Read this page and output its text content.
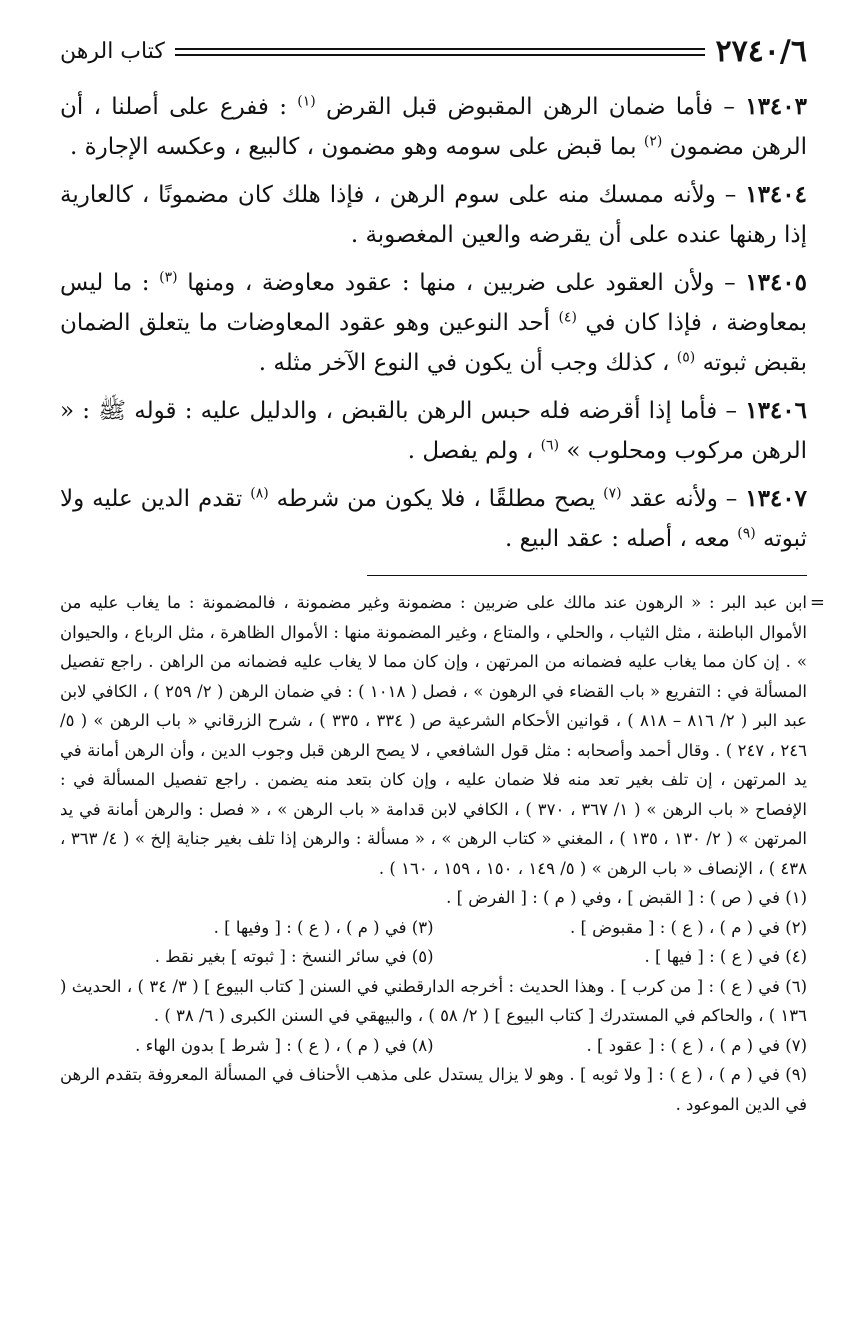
٢٧٤٠/٦
كتاب الرهن

١٣٤٠٣ – فأما ضمان الرهن المقبوض قبل القرض $^{(١)}$ : ففرع على أصلنا ، أن الرهن مضمون $^{(٢)}$ بما قبض على سومه وهو مضمون ، كالبيع ، وعكسه الإجارة .

١٣٤٠٤ – ولأنه ممسك منه على سوم الرهن ، فإذا هلك كان مضمونًا ، كالعارية إذا رهنها عنده على أن يقرضه والعين المغصوبة .

١٣٤٠٥ – ولأن العقود على ضربين ، منها : عقود معاوضة ، ومنها $^{(٣)}$ : ما ليس بمعاوضة ، فإذا كان في $^{(٤)}$ أحد النوعين وهو عقود المعاوضات ما يتعلق الضمان بقبض ثبوته $^{(٥)}$ ، كذلك وجب أن يكون في النوع الآخر مثله .

١٣٤٠٦ – فأما إذا أقرضه فله حبس الرهن بالقبض ، والدليل عليه : قوله ﷺ : « الرهن مركوب ومحلوب » $^{(٦)}$ ، ولم يفصل .

١٣٤٠٧ – ولأنه عقد $^{(٧)}$ يصح مطلقًا ، فلا يكون من شرطه $^{(٨)}$ تقدم الدين عليه ولا ثبوته $^{(٩)}$ معه ، أصله : عقد البيع .

=
ابن عبد البر : « الرهون عند مالك على ضربين : مضمونة وغير مضمونة ، فالمضمونة : ما يغاب عليه من الأموال الباطنة ، مثل الثياب ، والحلي ، والمتاع ، وغير المضمونة منها : الأموال الظاهرة ، مثل الرباع ، والحيوان » . إن كان مما يغاب عليه فضمانه من المرتهن ، وإن كان مما لا يغاب عليه فضمانه من الراهن . راجع تفصيل المسألة في : التفريع « باب القضاء في الرهون » ، فصل ( ١٠١٨ ) : في ضمان الرهن ( ٢/ ٢٥٩ ) ، الكافي لابن عبد البر ( ٢/ ٨١٦ – ٨١٨ ) ، قوانين الأحكام الشرعية ص ( ٣٣٤ ، ٣٣٥ ) ، شرح الزرقاني « باب الرهن » ( ٥/ ٢٤٦ ، ٢٤٧ ) . وقال أحمد وأصحابه : مثل قول الشافعي ، لا يصح الرهن قبل وجوب الدين ، وأن الرهن أمانة في يد المرتهن ، إن تلف بغير تعد منه فلا ضمان عليه ، وإن كان بتعد منه يضمن . راجع تفصيل المسألة في : الإفصاح « باب الرهن » ( ١/ ٣٦٧ ، ٣٧٠ ) ، الكافي لابن قدامة « باب الرهن » ، « فصل : والرهن أمانة في يد المرتهن » ( ٢/ ١٣٠ ، ١٣٥ ) ، المغني « كتاب الرهن » ، « مسألة : والرهن إذا تلف بغير جناية إلخ » ( ٤/ ٣٦٣ ، ٤٣٨ ) ، الإنصاف « باب الرهن » ( ٥/ ١٤٩ ، ١٥٠ ، ١٥٩ ، ١٦٠ ) .

(١) في ( ص ) : [ القبض ] ، وفي ( م ) : [ الفرض ] .

(٢) في ( م ) ، ( ع ) : [ مقبوض ] .
(٣) في ( م ) ، ( ع ) : [ وفيها ] .

(٤) في ( ع ) : [ فيها ] .
(٥) في سائر النسخ : [ ثبوته ] بغير نقط .

(٦) في ( ع ) : [ من كرب ] . وهذا الحديث : أخرجه الدارقطني في السنن [ كتاب البيوع ] ( ٣/ ٣٤ ) ، الحديث ( ١٣٦ ) ، والحاكم في المستدرك [ كتاب البيوع ] ( ٢/ ٥٨ ) ، والبيهقي في السنن الكبرى ( ٦/ ٣٨ ) .

(٧) في ( م ) ، ( ع ) : [ عقود ] .
(٨) في ( م ) ، ( ع ) : [ شرط ] بدون الهاء .

(٩) في ( م ) ، ( ع ) : [ ولا ثوبه ] . وهو لا يزال يستدل على مذهب الأحناف في المسألة المعروفة بتقدم الرهن في الدين الموعود .
